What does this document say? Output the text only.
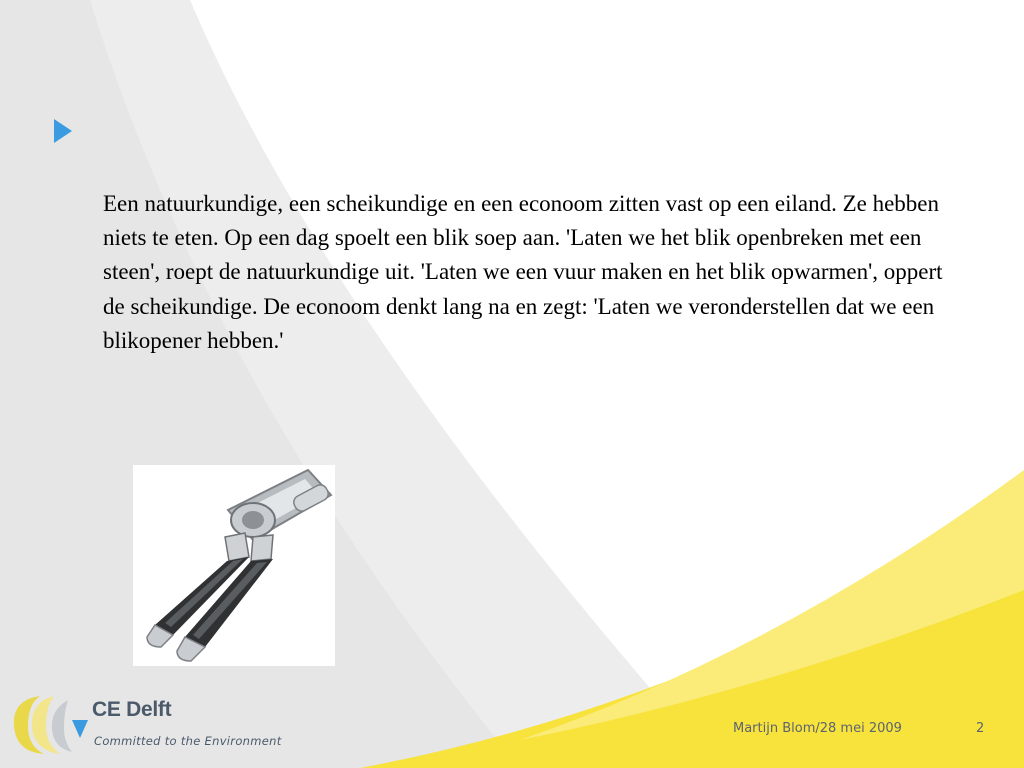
Een natuurkundige, een scheikundige en een econoom zitten vast op een eiland. Ze hebben niets te eten. Op een dag spoelt een blik soep aan. 'Laten we het blik openbreken met een steen', roept de natuurkundige uit. 'Laten we een vuur maken en het blik opwarmen', oppert de scheikundige. De econoom denkt lang na en zegt: 'Laten we veronderstellen dat we een blikopener hebben.'
CE Delft
Committed to the Environment
Martijn Blom/28 mei 2009	2
